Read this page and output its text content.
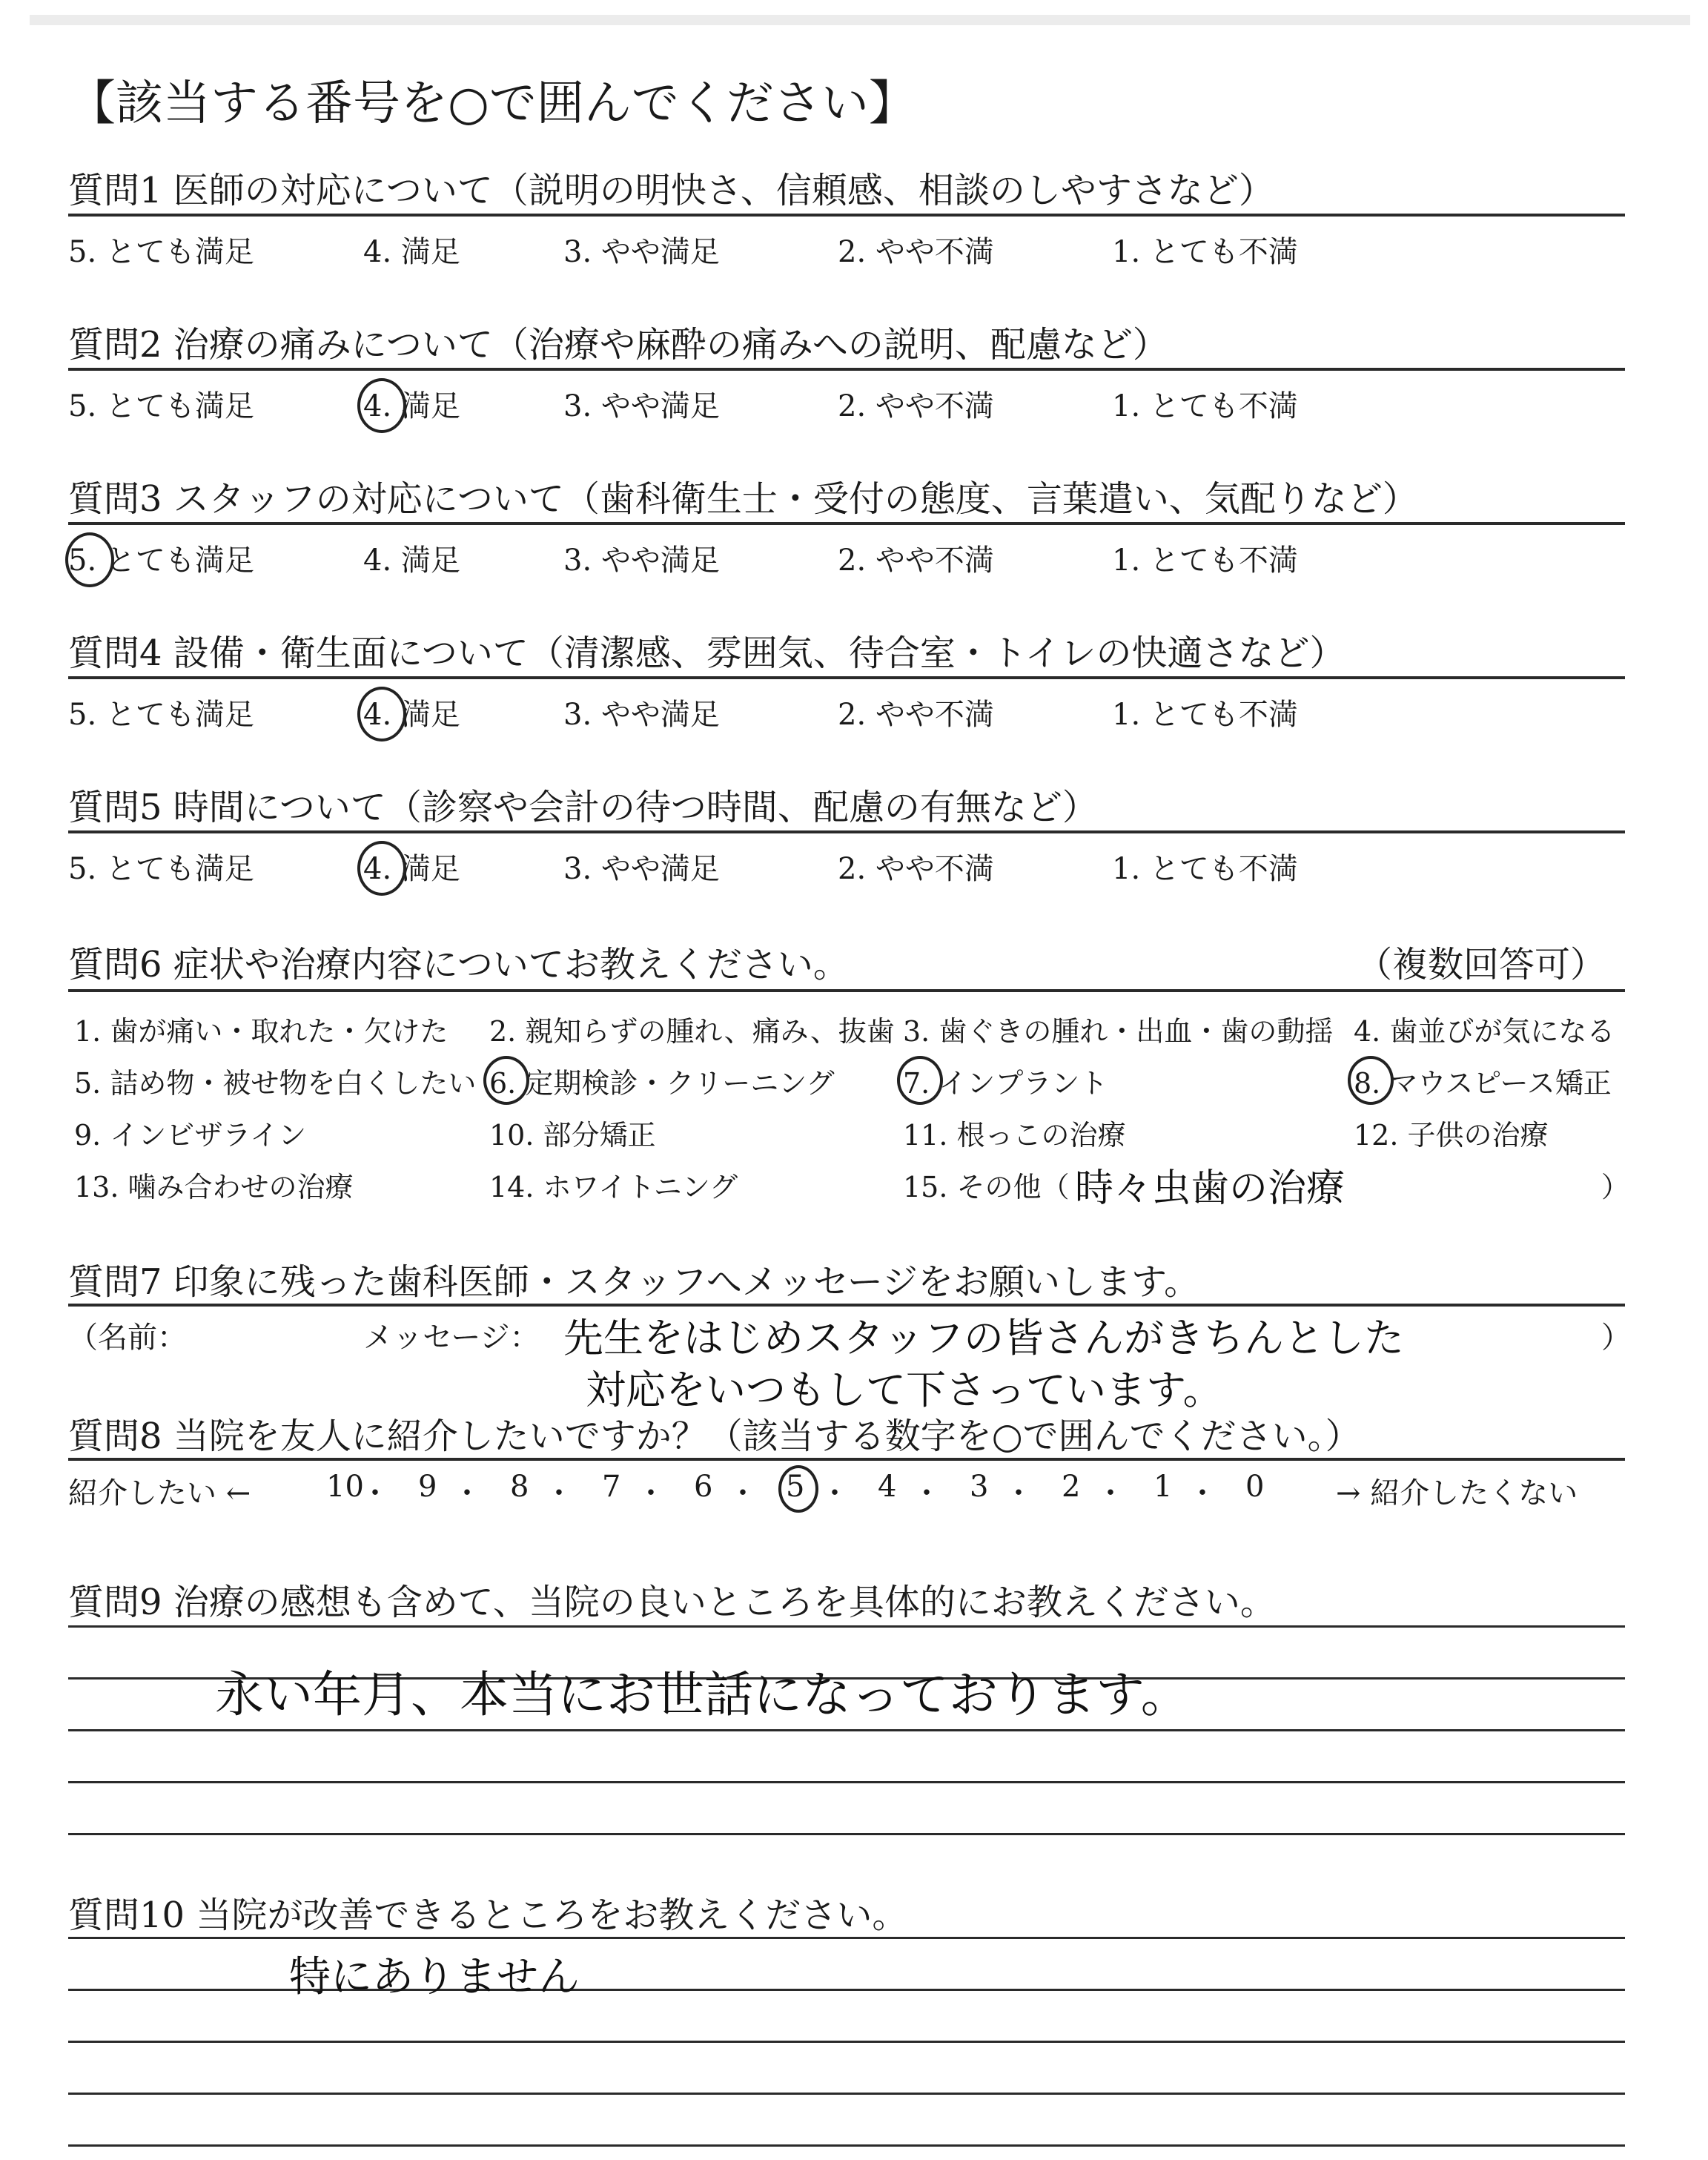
【該当する番号を○で囲んでください】
質問1 医師の対応について（説明の明快さ、信頼感、相談のしやすさなど）
5. とても満足	4. 満足	3. やや満足	2. やや不満	1. とても不満
質問2 治療の痛みについて（治療や麻酔の痛みへの説明、配慮など）
5. とても満足	4. 満足	3. やや満足	2. やや不満	1. とても不満
質問3 スタッフの対応について（歯科衛生士・受付の態度、言葉遣い、気配りなど）
5. とても満足	4. 満足	3. やや満足	2. やや不満	1. とても不満
質問4 設備・衛生面について（清潔感、雰囲気、待合室・トイレの快適さなど）
5. とても満足	4. 満足	3. やや満足	2. やや不満	1. とても不満
質問5 時間について（診察や会計の待つ時間、配慮の有無など）
5. とても満足	4. 満足	3. やや満足	2. やや不満	1. とても不満
質問6 症状や治療内容についてお教えください。	（複数回答可）
1. 歯が痛い・取れた・欠けた 2. 親知らずの腫れ、痛み、抜歯 3. 歯ぐきの腫れ・出血・歯の動揺 4. 歯並びが気になる
5. 詰め物・被せ物を白くしたい 6. 定期検診・クリーニング 7. インプラント	8. マウスピース矯正
9. インビザライン	10. 部分矯正	11. 根っこの治療	12. 子供の治療
13. 噛み合わせの治療	14. ホワイトニング	15. その他（	）
時々虫歯の治療
質問7 印象に残った歯科医師・スタッフへメッセージをお願いします。
（名前：	メッセージ：	）
先生をはじめスタッフの皆さんがきちんとした
対応をいつもして下さっています。
質問8 当院を友人に紹介したいですか？（該当する数字を○で囲んでください。）
紹介したい ←	→ 紹介したくない
10
・ 9 ・ 8 ・ 7 ・ 6 ・ 5 ・ 4 ・ 3 ・ 2 ・ 1 ・ 0
質問9 治療の感想も含めて、当院の良いところを具体的にお教えください。
永い年月、本当にお世話になっております。
質問10 当院が改善できるところをお教えください。
特にありません
